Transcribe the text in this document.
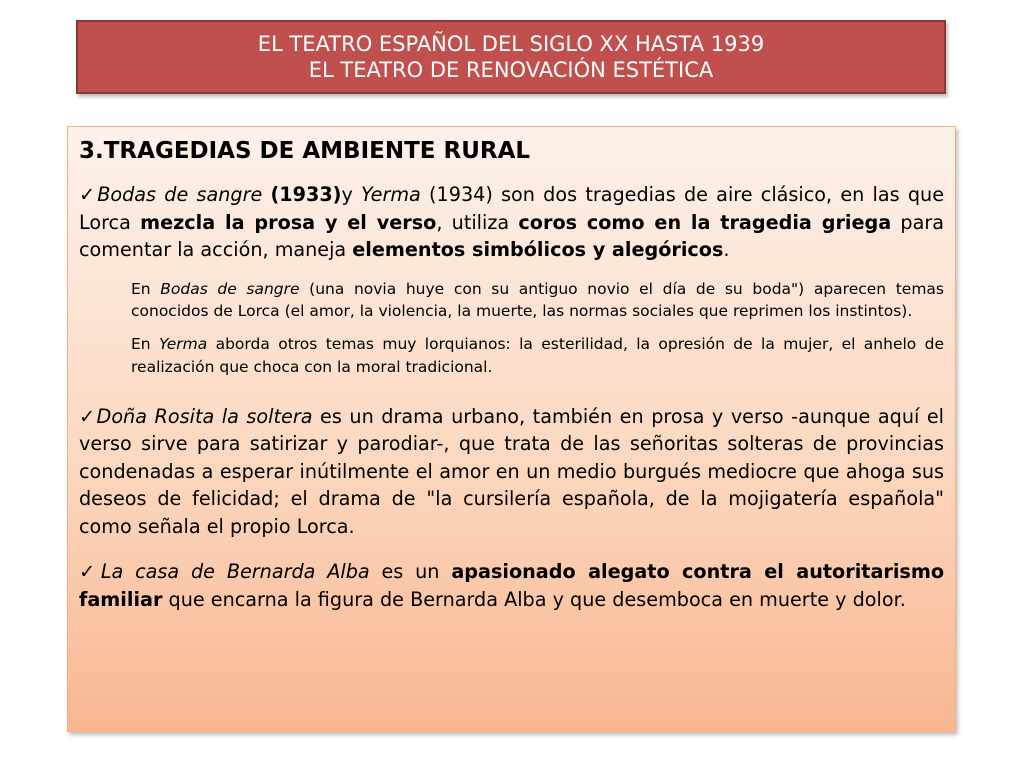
EL TEATRO ESPAÑOL DEL SIGLO XX HASTA 1939
EL TEATRO DE RENOVACIÓN ESTÉTICA
3.TRAGEDIAS DE AMBIENTE RURAL

✓Bodas de sangre (1933)y Yerma (1934) son dos tragedias de aire clásico, en las que Lorca mezcla la prosa y el verso, utiliza coros como en la tragedia griega para comentar la acción, maneja elementos simbólicos y alegóricos.

En Bodas de sangre (una novia huye con su antiguo novio el día de su boda") aparecen temas conocidos de Lorca (el amor, la violencia, la muerte, las normas sociales que reprimen los instintos).

En Yerma aborda otros temas muy lorquianos: la esterilidad, la opresión de la mujer, el anhelo de realización que choca con la moral tradicional.

✓Doña Rosita la soltera es un drama urbano, también en prosa y verso -aunque aquí el verso sirve para satirizar y parodiar-, que trata de las señoritas solteras de provincias condenadas a esperar inútilmente el amor en un medio burgués mediocre que ahoga sus deseos de felicidad; el drama de "la cursilería española, de la mojigatería española" como señala el propio Lorca.

✓La casa de Bernarda Alba es un apasionado alegato contra el autoritarismo familiar que encarna la figura de Bernarda Alba y que desemboca en muerte y dolor.
